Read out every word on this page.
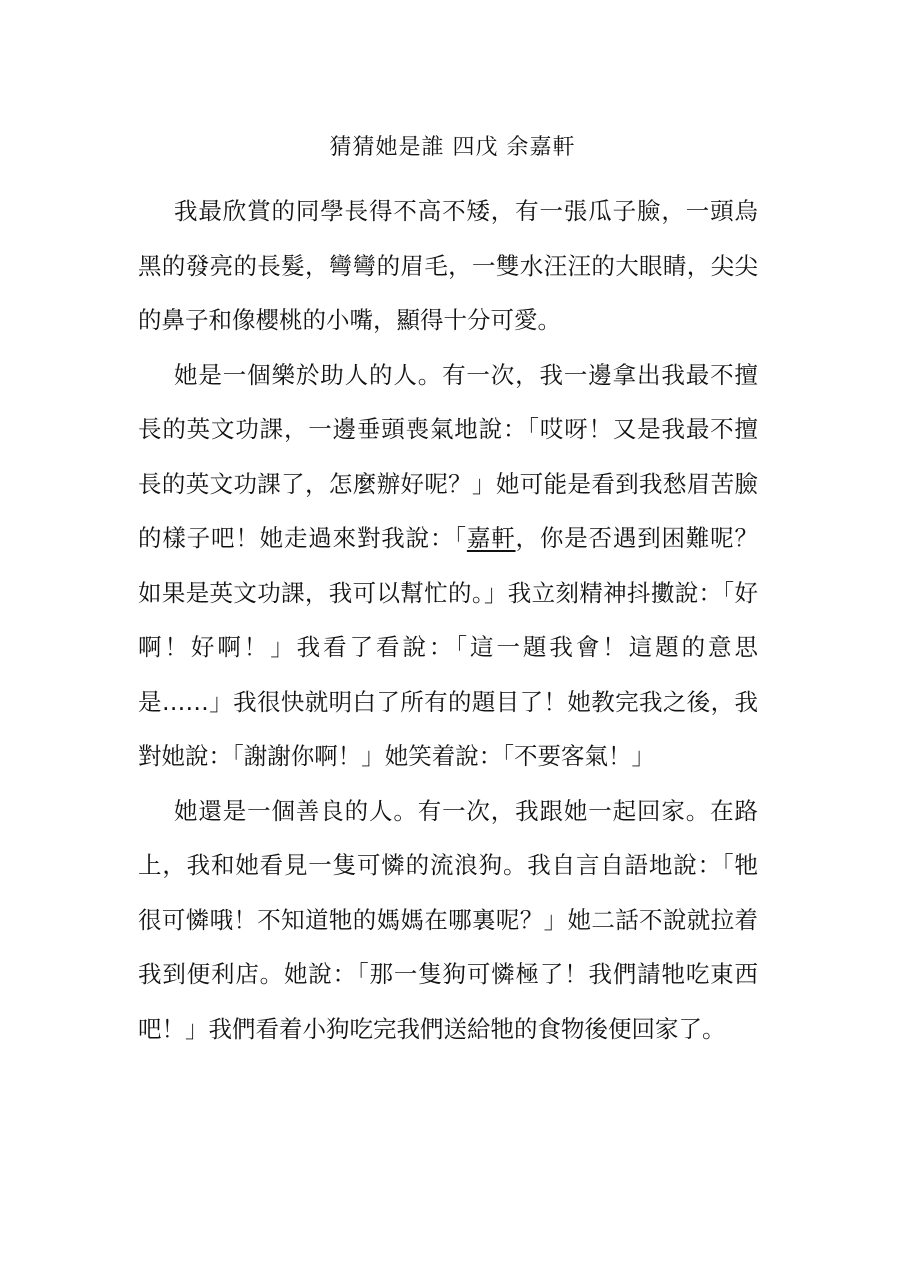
猜猜她是誰 四戊 余嘉軒

我最欣賞的同學長得不高不矮，有一張瓜子臉，一頭烏黑的發亮的長髮，彎彎的眉毛，一雙水汪汪的大眼睛，尖尖的鼻子和像櫻桃的小嘴，顯得十分可愛。

她是一個樂於助人的人。有一次，我一邊拿出我最不擅長的英文功課，一邊垂頭喪氣地說：「哎呀！又是我最不擅長的英文功課了，怎麼辦好呢？」她可能是看到我愁眉苦臉的樣子吧！她走過來對我說：「嘉軒，你是否遇到困難呢？如果是英文功課，我可以幫忙的。」我立刻精神抖擻說：「好啊！好啊！」我看了看說：「這一題我會！這題的意思是……」我很快就明白了所有的題目了！她教完我之後，我對她說：「謝謝你啊！」她笑着說：「不要客氣！」

她還是一個善良的人。有一次，我跟她一起回家。在路上，我和她看見一隻可憐的流浪狗。我自言自語地說：「牠很可憐哦！不知道牠的媽媽在哪裏呢？」她二話不說就拉着我到便利店。她說：「那一隻狗可憐極了！我們請牠吃東西吧！」我們看着小狗吃完我們送給牠的食物後便回家了。
